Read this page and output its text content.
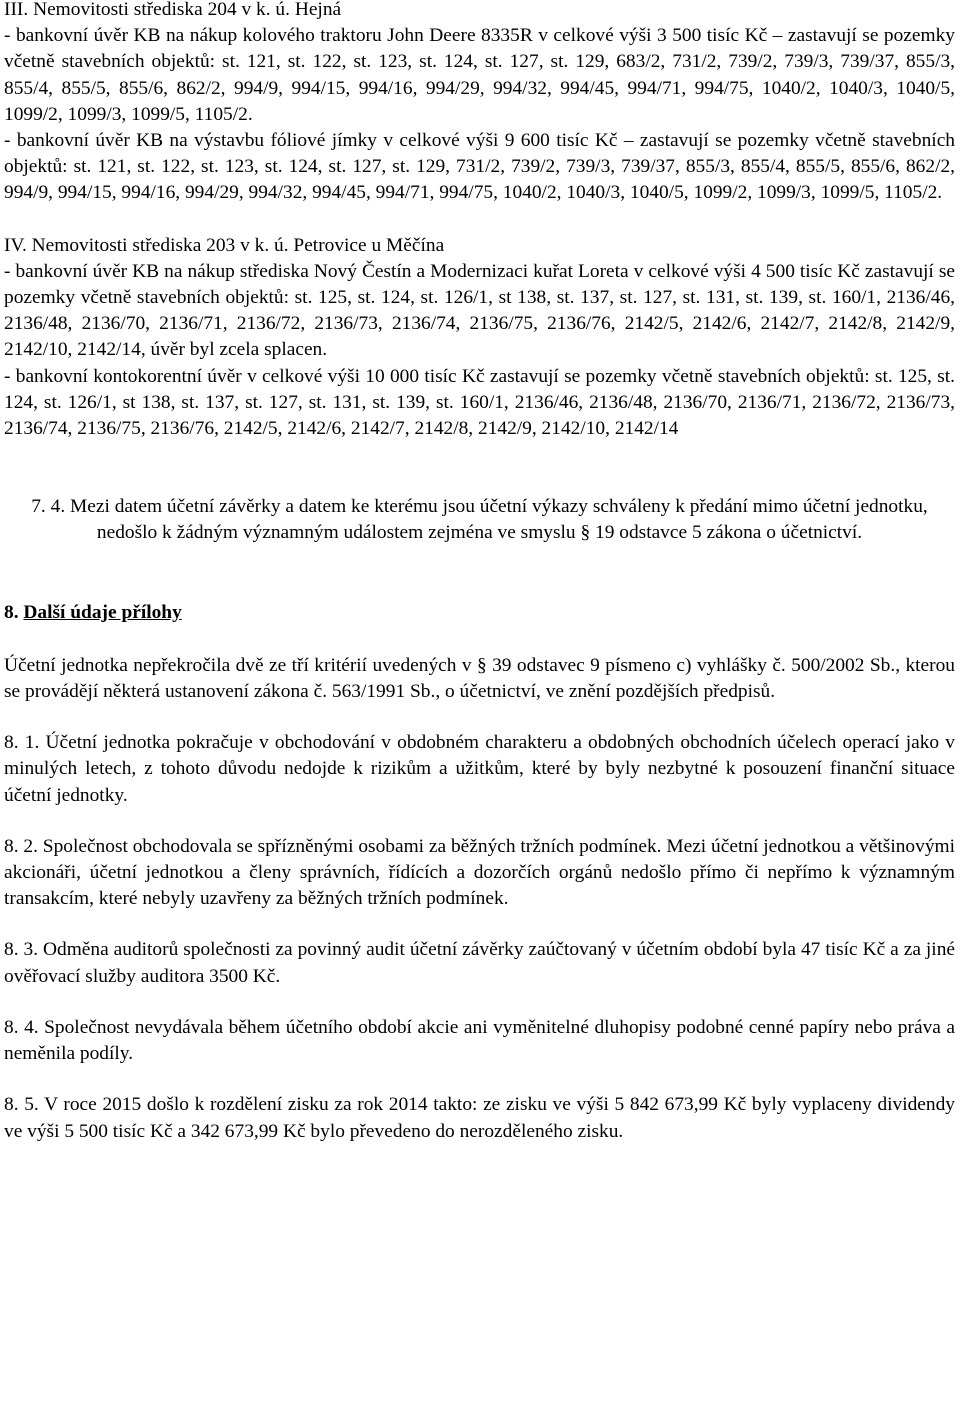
III. Nemovitosti střediska 204 v k. ú. Hejná

- bankovní úvěr KB na nákup kolového traktoru John Deere 8335R v celkové výši 3 500 tisíc Kč – zastavují se pozemky včetně stavebních objektů: st. 121, st. 122, st. 123, st. 124, st. 127, st. 129, 683/2, 731/2, 739/2, 739/3, 739/37, 855/3, 855/4, 855/5, 855/6, 862/2, 994/9, 994/15, 994/16, 994/29, 994/32, 994/45, 994/71, 994/75, 1040/2, 1040/3, 1040/5, 1099/2, 1099/3, 1099/5, 1105/2.

- bankovní úvěr KB na výstavbu fóliové jímky v celkové výši 9 600 tisíc Kč – zastavují se pozemky včetně stavebních objektů: st. 121, st. 122, st. 123, st. 124, st. 127, st. 129, 731/2, 739/2, 739/3, 739/37, 855/3, 855/4, 855/5, 855/6, 862/2, 994/9, 994/15, 994/16, 994/29, 994/32, 994/45, 994/71, 994/75, 1040/2, 1040/3, 1040/5, 1099/2, 1099/3, 1099/5, 1105/2.

IV. Nemovitosti střediska 203 v k. ú. Petrovice u Měčína

- bankovní úvěr KB na nákup střediska Nový Čestín a Modernizaci kuřat Loreta v celkové výši 4 500 tisíc Kč zastavují se pozemky včetně stavebních objektů: st. 125, st. 124, st. 126/1, st 138, st. 137, st. 127, st. 131, st. 139, st. 160/1, 2136/46, 2136/48, 2136/70, 2136/71, 2136/72, 2136/73, 2136/74, 2136/75, 2136/76, 2142/5, 2142/6, 2142/7, 2142/8, 2142/9, 2142/10, 2142/14, úvěr byl zcela splacen.

- bankovní kontokorentní úvěr v celkové výši 10 000 tisíc Kč zastavují se pozemky včetně stavebních objektů: st. 125, st. 124, st. 126/1, st 138, st. 137, st. 127, st. 131, st. 139, st. 160/1, 2136/46, 2136/48, 2136/70, 2136/71, 2136/72, 2136/73, 2136/74, 2136/75, 2136/76, 2142/5, 2142/6, 2142/7, 2142/8, 2142/9, 2142/10, 2142/14

7. 4. Mezi datem účetní závěrky a datem ke kterému jsou účetní výkazy schváleny k předání mimo účetní jednotku, nedošlo k žádným významným událostem zejména ve smyslu § 19 odstavce 5 zákona o účetnictví.

8. Další údaje přílohy

Účetní jednotka nepřekročila dvě ze tří kritérií uvedených v § 39 odstavec 9 písmeno c) vyhlášky č. 500/2002 Sb., kterou se provádějí některá ustanovení zákona č. 563/1991 Sb., o účetnictví, ve znění pozdějších předpisů.

8. 1. Účetní jednotka pokračuje v obchodování v obdobném charakteru a obdobných obchodních účelech operací jako v minulých letech, z tohoto důvodu nedojde k rizikům a užitkům, které by byly nezbytné k posouzení finanční situace účetní jednotky.

8. 2. Společnost obchodovala se spřízněnými osobami za běžných tržních podmínek. Mezi účetní jednotkou a většinovými akcionáři, účetní jednotkou a členy správních, řídících a dozorčích orgánů nedošlo přímo či nepřímo k významným transakcím, které nebyly uzavřeny za běžných tržních podmínek.

8. 3. Odměna auditorů společnosti za povinný audit účetní závěrky zaúčtovaný v účetním období byla 47 tisíc Kč a za jiné ověřovací služby auditora 3500 Kč.

8. 4. Společnost nevydávala během účetního období akcie ani vyměnitelné dluhopisy podobné cenné papíry nebo práva a neměnila podíly.

8. 5. V roce 2015 došlo k rozdělení zisku za rok 2014 takto: ze zisku ve výši 5 842 673,99 Kč byly vyplaceny dividendy ve výši 5 500 tisíc Kč a 342 673,99 Kč bylo převedeno do nerozděleného zisku.
